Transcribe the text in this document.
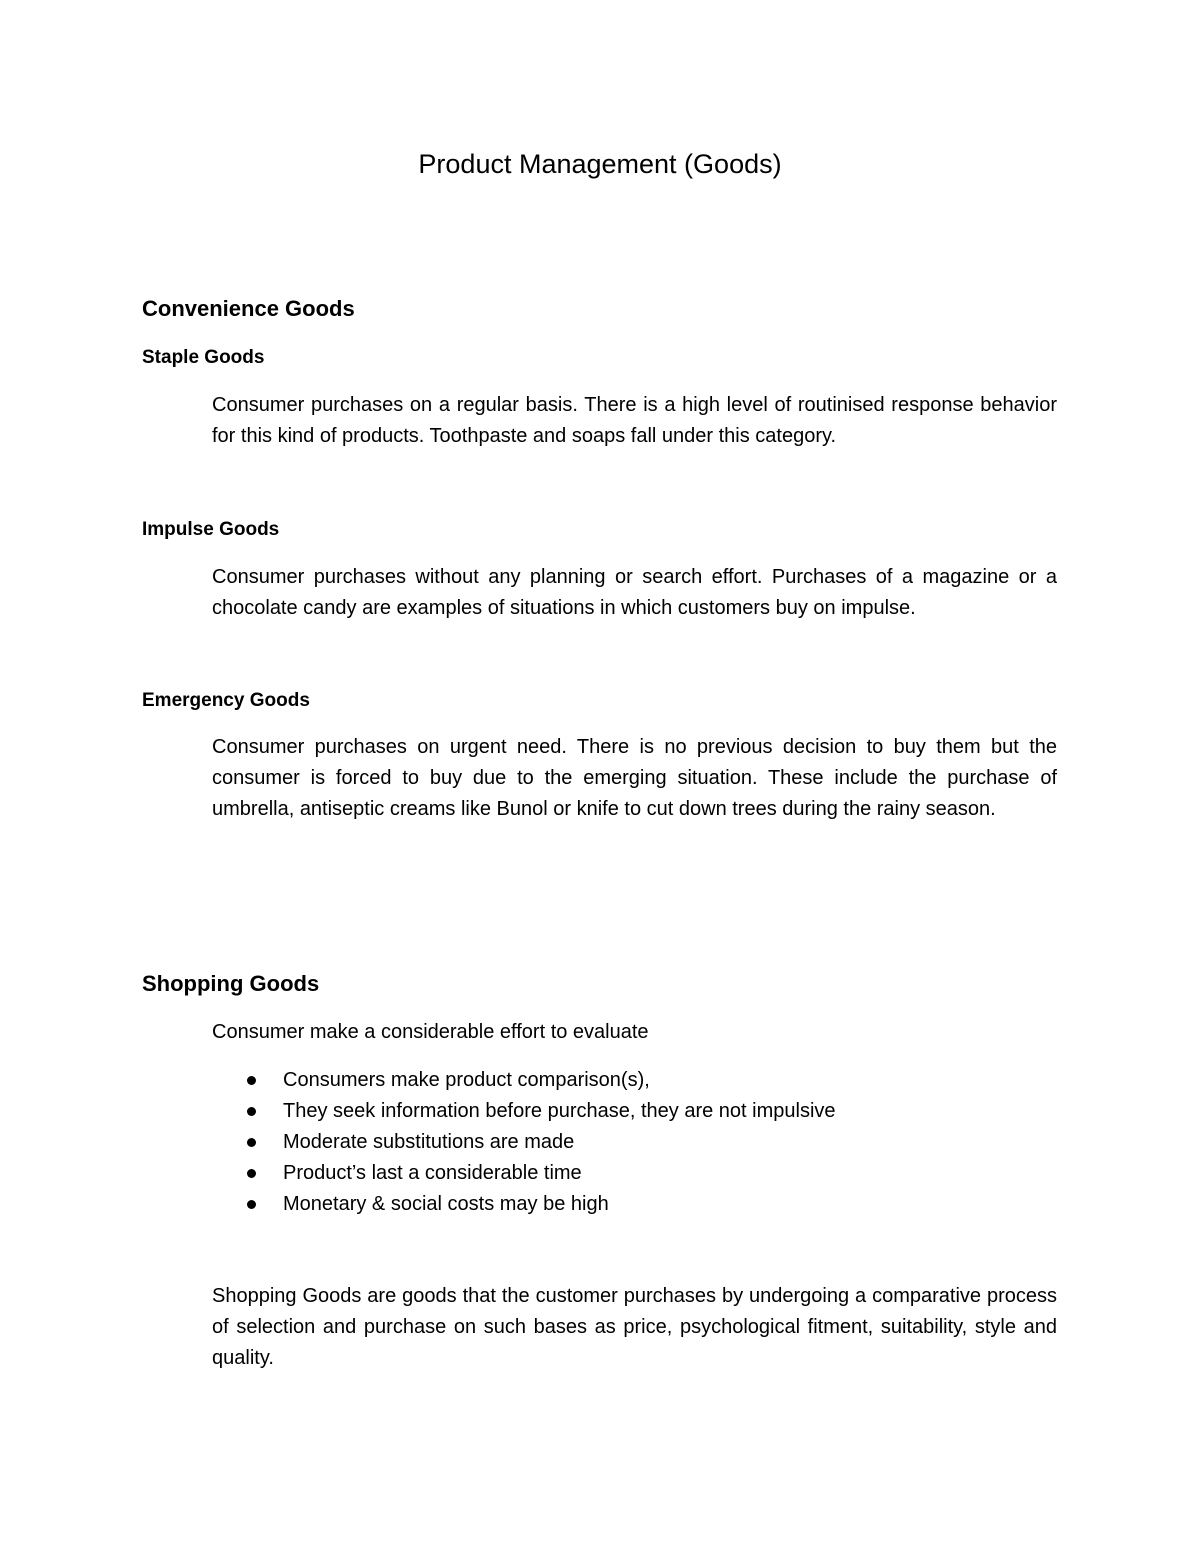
Product Management (Goods)
Convenience Goods
Staple Goods

Consumer purchases on a regular basis. There is a high level of routinised response behavior for this kind of products. Toothpaste and soaps fall under this category.

Impulse Goods

Consumer purchases without any planning or search effort. Purchases of a magazine or a chocolate candy are examples of situations in which customers buy on impulse.

Emergency Goods

Consumer purchases on urgent need. There is no previous decision to buy them but the consumer is forced to buy due to the emerging situation. These include the purchase of umbrella, antiseptic creams like Bunol or knife to cut down trees during the rainy season.

Shopping Goods

Consumer make a considerable effort to evaluate

Consumers make product comparison(s),
They seek information before purchase, they are not impulsive
Moderate substitutions are made
Product’s last a considerable time
Monetary & social costs may be high

Shopping Goods are goods that the customer purchases by undergoing a comparative process of selection and purchase on such bases as price, psychological fitment, suitability, style and quality.
